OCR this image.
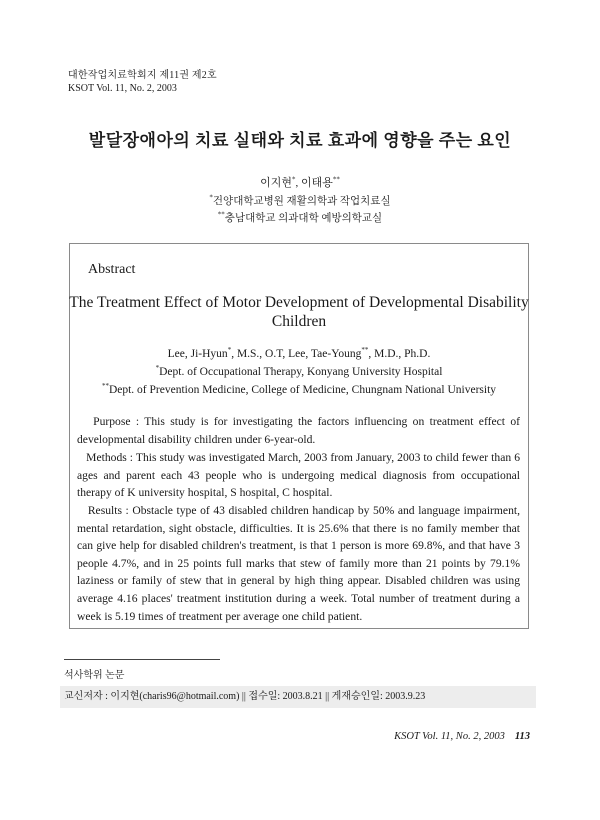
대한작업치료학회지 제11권 제2호
KSOT Vol. 11, No. 2, 2003
발달장애아의 치료 실태와 치료 효과에 영향을 주는 요인
이지현*, 이태용**
*건양대학교병원 재활의학과 작업치료실
**충남대학교 의과대학 예방의학교실
Abstract
The Treatment Effect of Motor Development of Developmental Disability Children
Lee, Ji-Hyun*, M.S., O.T, Lee, Tae-Young**, M.D., Ph.D.
*Dept. of Occupational Therapy, Konyang University Hospital
**Dept. of Prevention Medicine, College of Medicine, Chungnam National University
Purpose : This study is for investigating the factors influencing on treatment effect of developmental disability children under 6-year-old.
Methods : This study was investigated March, 2003 from January, 2003 to child fewer than 6 ages and parent each 43 people who is undergoing medical diagnosis from occupational therapy of K university hospital, S hospital, C hospital.
Results : Obstacle type of 43 disabled children handicap by 50% and language impairment, mental retardation, sight obstacle, difficulties. It is 25.6% that there is no family member that can give help for disabled children's treatment, is that 1 person is more 69.8%, and that have 3 people 4.7%, and in 25 points full marks that stew of family more than 21 points by 79.1% laziness or family of stew that in general by high thing appear. Disabled children was using average 4.16 places' treatment institution during a week. Total number of treatment during a week is 5.19 times of treatment per average one child patient.
석사학위 논문
교신저자 : 이지현(charis96@hotmail.com) || 접수일: 2003.8.21 || 게재승인일: 2003.9.23
KSOT Vol. 11, No. 2, 2003 113
